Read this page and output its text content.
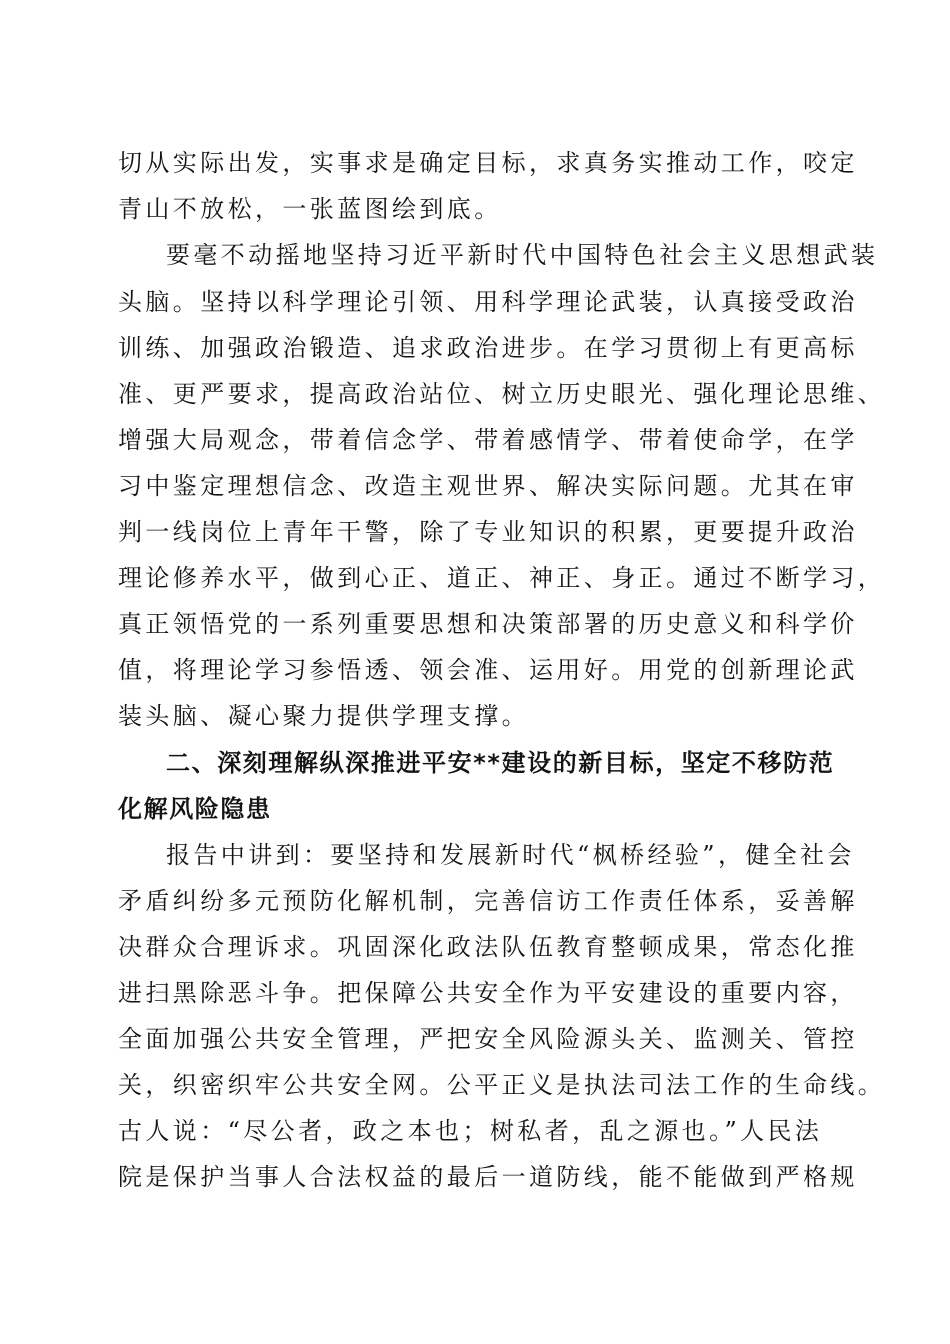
切从实际出发，实事求是确定目标，求真务实推动工作，咬定
青山不放松，一张蓝图绘到底。
要毫不动摇地坚持习近平新时代中国特色社会主义思想武装
头脑。坚持以科学理论引领、用科学理论武装，认真接受政治
训练、加强政治锻造、追求政治进步。在学习贯彻上有更高标
准、更严要求，提高政治站位、树立历史眼光、强化理论思维、
增强大局观念，带着信念学、带着感情学、带着使命学，在学
习中鉴定理想信念、改造主观世界、解决实际问题。尤其在审
判一线岗位上青年干警，除了专业知识的积累，更要提升政治
理论修养水平，做到心正、道正、神正、身正。通过不断学习，
真正领悟党的一系列重要思想和决策部署的历史意义和科学价
值，将理论学习参悟透、领会准、运用好。用党的创新理论武
装头脑、凝心聚力提供学理支撑。
二、深刻理解纵深推进平安**建设的新目标，坚定不移防范
化解风险隐患
报告中讲到：要坚持和发展新时代“枫桥经验”，健全社会
矛盾纠纷多元预防化解机制，完善信访工作责任体系，妥善解
决群众合理诉求。巩固深化政法队伍教育整顿成果，常态化推
进扫黑除恶斗争。把保障公共安全作为平安建设的重要内容，
全面加强公共安全管理，严把安全风险源头关、监测关、管控
关，织密织牢公共安全网。公平正义是执法司法工作的生命线。
古人说：“尽公者，政之本也；树私者，乱之源也。”人民法
院是保护当事人合法权益的最后一道防线，能不能做到严格规
